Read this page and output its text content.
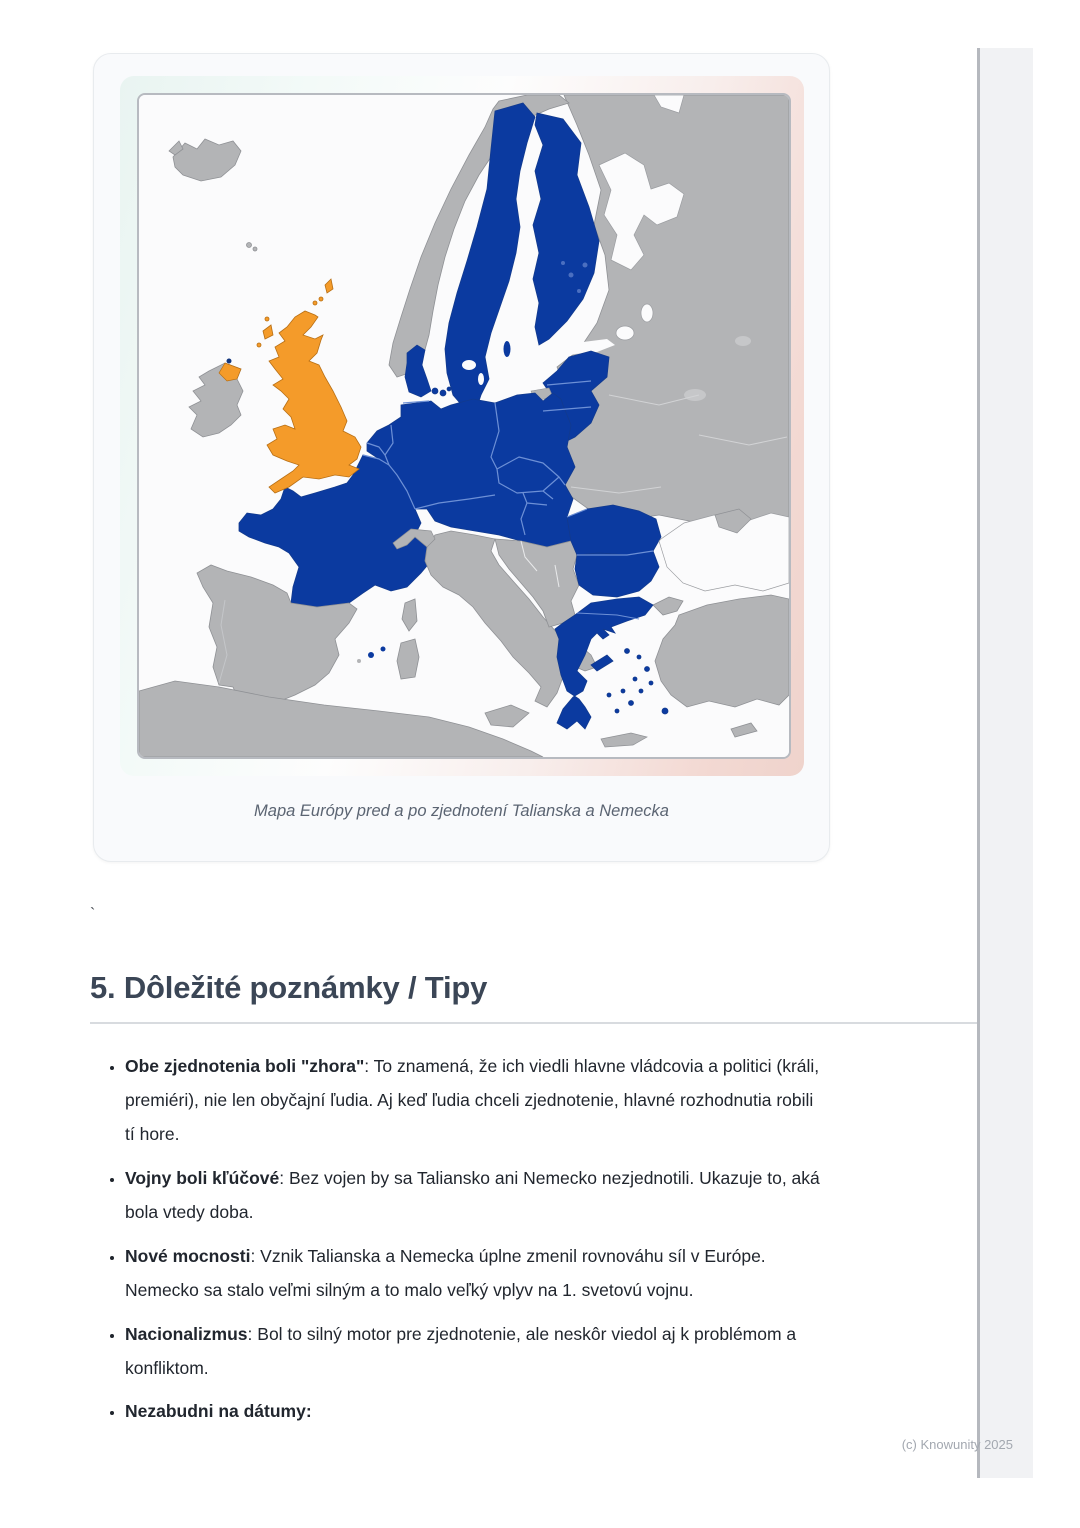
Mapa Európy pred a po zjednotení Talianska a Nemecka

`
5. Dôležité poznámky / Tipy
• Obe zjednotenia boli "zhora": To znamená, že ich viedli hlavne vládcovia a politici (králi, premiéri), nie len obyčajní ľudia. Aj keď ľudia chceli zjednotenie, hlavné rozhodnutia robili tí hore.
• Vojny boli kľúčové: Bez vojen by sa Taliansko ani Nemecko nezjednotili. Ukazuje to, aká bola vtedy doba.
• Nové mocnosti: Vznik Talianska a Nemecka úplne zmenil rovnováhu síl v Európe. Nemecko sa stalo veľmi silným a to malo veľký vplyv na 1. svetovú vojnu.
• Nacionalizmus: Bol to silný motor pre zjednotenie, ale neskôr viedol aj k problémom a konfliktom.
• Nezabudni na dátumy:
(c) Knowunity 2025
